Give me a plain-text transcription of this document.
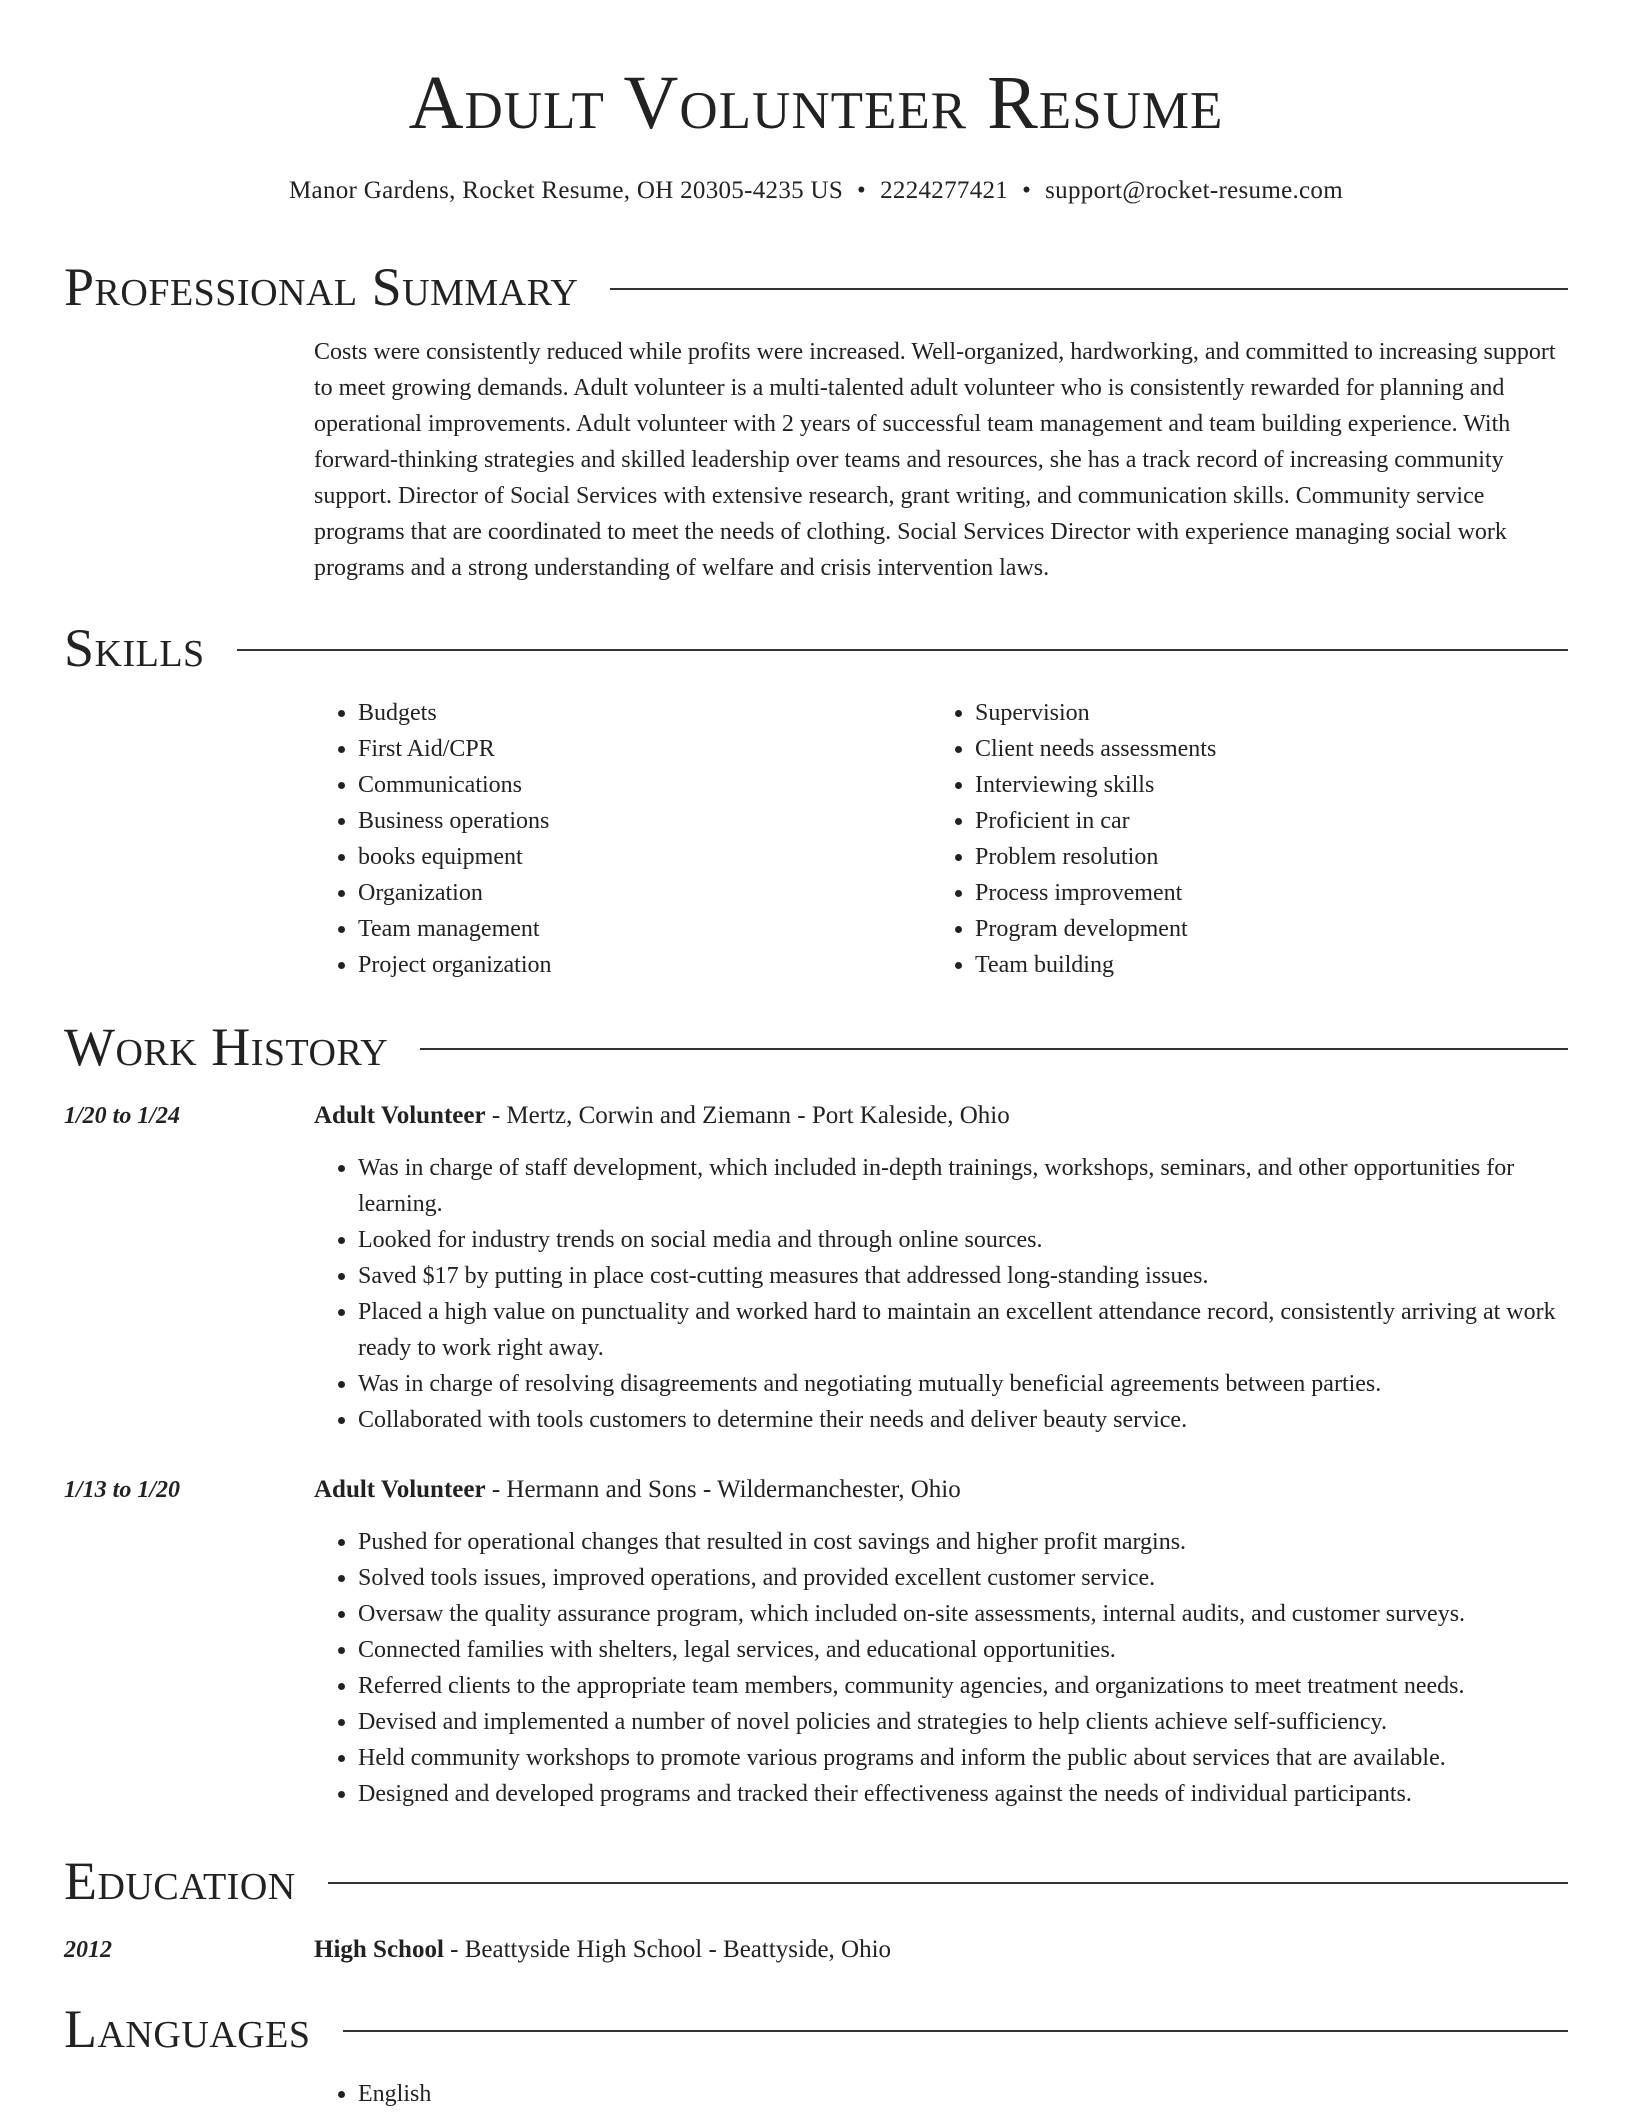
Adult Volunteer Resume
Manor Gardens, Rocket Resume, OH 20305-4235 US • 2224277421 • support@rocket-resume.com
Professional Summary
Costs were consistently reduced while profits were increased. Well-organized, hardworking, and committed to increasing support to meet growing demands. Adult volunteer is a multi-talented adult volunteer who is consistently rewarded for planning and operational improvements. Adult volunteer with 2 years of successful team management and team building experience. With forward-thinking strategies and skilled leadership over teams and resources, she has a track record of increasing community support. Director of Social Services with extensive research, grant writing, and communication skills. Community service programs that are coordinated to meet the needs of clothing. Social Services Director with experience managing social work programs and a strong understanding of welfare and crisis intervention laws.
Skills
• Budgets
• First Aid/CPR
• Communications
• Business operations
• books equipment
• Organization
• Team management
• Project organization
• Supervision
• Client needs assessments
• Interviewing skills
• Proficient in car
• Problem resolution
• Process improvement
• Program development
• Team building
Work History
1/20 to 1/24	Adult Volunteer - Mertz, Corwin and Ziemann - Port Kaleside, Ohio
• Was in charge of staff development, which included in-depth trainings, workshops, seminars, and other opportunities for learning.
• Looked for industry trends on social media and through online sources.
• Saved $17 by putting in place cost-cutting measures that addressed long-standing issues.
• Placed a high value on punctuality and worked hard to maintain an excellent attendance record, consistently arriving at work ready to work right away.
• Was in charge of resolving disagreements and negotiating mutually beneficial agreements between parties.
• Collaborated with tools customers to determine their needs and deliver beauty service.
1/13 to 1/20	Adult Volunteer - Hermann and Sons - Wildermanchester, Ohio
• Pushed for operational changes that resulted in cost savings and higher profit margins.
• Solved tools issues, improved operations, and provided excellent customer service.
• Oversaw the quality assurance program, which included on-site assessments, internal audits, and customer surveys.
• Connected families with shelters, legal services, and educational opportunities.
• Referred clients to the appropriate team members, community agencies, and organizations to meet treatment needs.
• Devised and implemented a number of novel policies and strategies to help clients achieve self-sufficiency.
• Held community workshops to promote various programs and inform the public about services that are available.
• Designed and developed programs and tracked their effectiveness against the needs of individual participants.
Education
2012	High School - Beattyside High School - Beattyside, Ohio
Languages
• English
